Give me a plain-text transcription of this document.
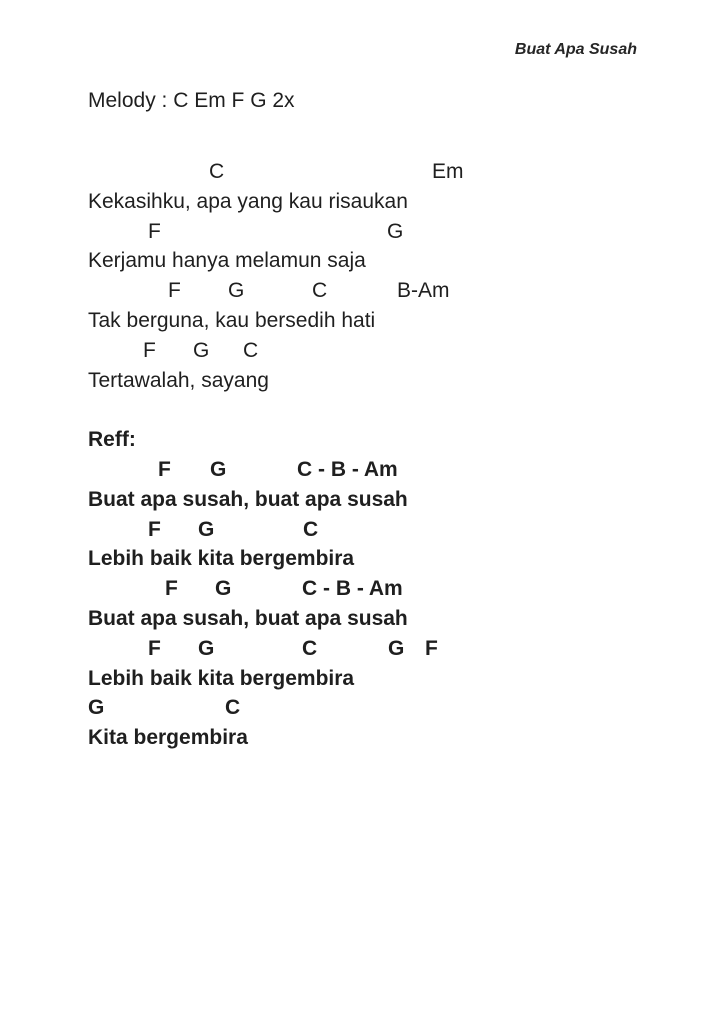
Buat Apa Susah
Melody : C Em F G 2x
C	Em
Kekasihku, apa yang kau risaukan
F	G
Kerjamu hanya melamun saja
F G	C	B-Am
Tak berguna, kau bersedih hati
F G C
Tertawalah, sayang
Reff:
F G	C - B - Am
Buat apa susah, buat apa susah
F G	C
Lebih baik kita bergembira
F G	C - B - Am
Buat apa susah, buat apa susah
F G	C	G F
Lebih baik kita bergembira
G	C
Kita bergembira
